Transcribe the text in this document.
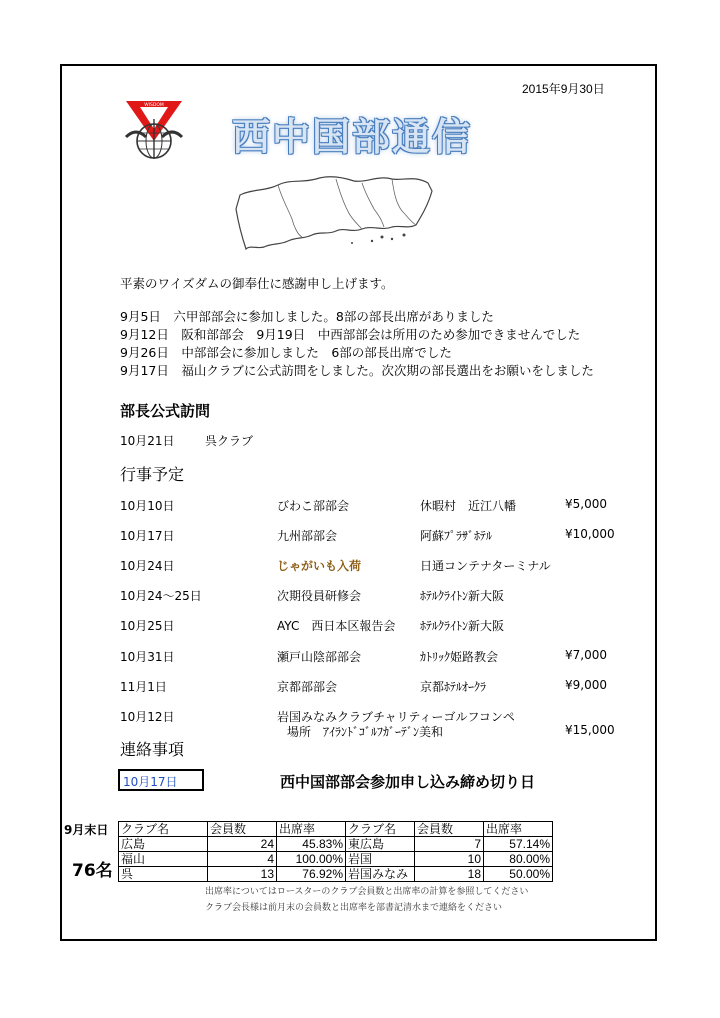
2015年9月30日
WISDOM
西中国部通信
平素のワイズダムの御奉仕に感謝申し上げます。
9月5日　六甲部部会に参加しました。8部の部長出席がありました
9月12日　阪和部部会　9月19日　中西部部会は所用のため参加できませんでした
9月26日　中部部会に参加しました　6部の部長出席でした
9月17日　福山クラブに公式訪問をしました。次次期の部長選出をお願いをしました
部長公式訪問
10月21日	呉クラブ
行事予定
10月10日	びわこ部部会	休暇村　近江八幡	¥5,000
10月17日	九州部部会	阿蘇ﾌﾟﾗｻﾞﾎﾃﾙ	¥10,000
10月24日	じゃがいも入荷	日通コンテナターミナル
10月24～25日	次期役員研修会	ﾎﾃﾙｸﾗｲﾄﾝ新大阪
10月25日	AYC　西日本区報告会 ﾎﾃﾙｸﾗｲﾄﾝ新大阪
10月31日	瀬戸山陰部部会	ｶﾄﾘｯｸ姫路教会	¥7,000
11月1日	京都部部会	京都ﾎﾃﾙｵｰｸﾗ	¥9,000
10月12日	岩国みなみクラブチャリティーゴルフコンペ
場所　ｱｲﾗﾝﾄﾞｺﾞﾙﾌｶﾞｰﾃﾞﾝ美和	¥15,000
連絡事項
10月17日	西中国部部会参加申し込み締め切り日
9月末日
76名
クラブ名	会員数	出席率	クラブ名	会員数	出席率
広島	24	45.83%	東広島	7	57.14%
福山	4	100.00%	岩国	10	80.00%
呉	13	76.92%	岩国みなみ	18	50.00%
出席率についてはロースターのクラブ会員数と出席率の計算を参照してください
クラブ会長様は前月末の会員数と出席率を部書記清水まで連絡をください
